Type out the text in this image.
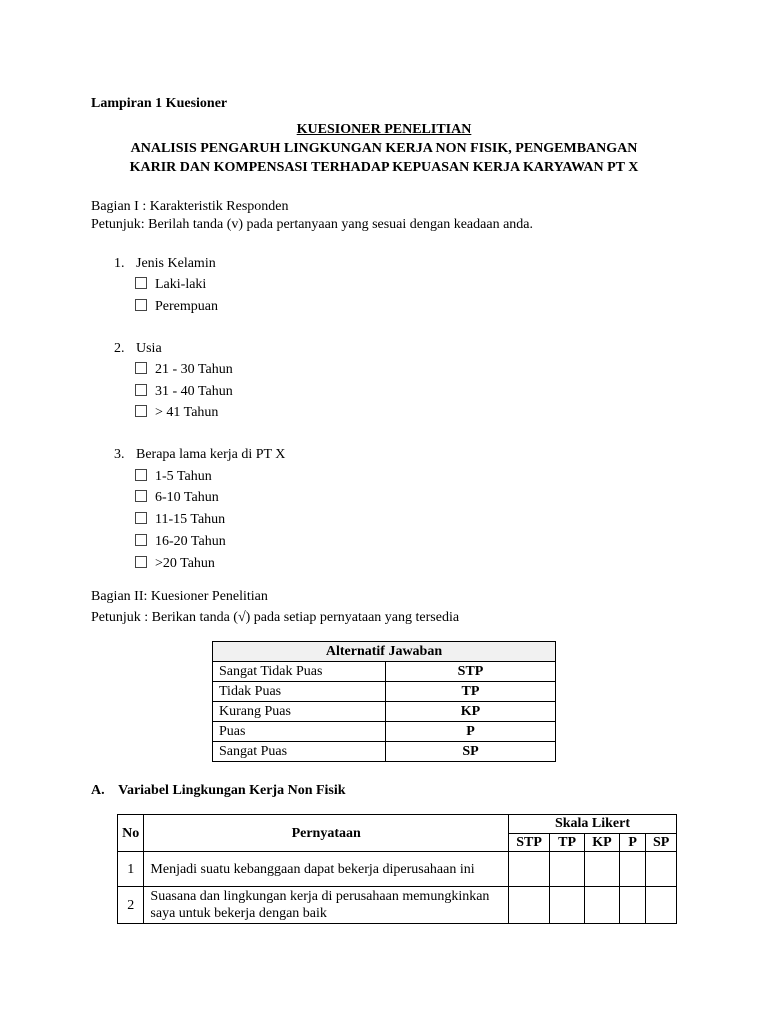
Lampiran 1 Kuesioner
KUESIONER PENELITIAN
ANALISIS PENGARUH LINGKUNGAN KERJA NON FISIK, PENGEMBANGAN
KARIR DAN KOMPENSASI TERHADAP KEPUASAN KERJA KARYAWAN PT X
Bagian I : Karakteristik Responden
Petunjuk: Berilah tanda (v) pada pertanyaan yang sesuai dengan keadaan anda.
1. Jenis Kelamin
Laki-laki
Perempuan
2. Usia
21 - 30 Tahun
31 - 40 Tahun
> 41 Tahun
3. Berapa lama kerja di PT X
1-5 Tahun
6-10 Tahun
11-15 Tahun
16-20 Tahun
>20 Tahun
Bagian II: Kuesioner Penelitian
Petunjuk : Berikan tanda (√) pada setiap pernyataan yang tersedia
Alternatif Jawaban	
Sangat Tidak Puas	STP
Tidak Puas	TP
Kurang Puas	KP
Puas	P
Sangat Puas	SP
A. Variabel Lingkungan Kerja Non Fisik
No	Pernyataan	Skala Likert				
		STP	TP	KP	P	SP
1	Menjadi suatu kebanggaan dapat bekerja diperusahaan ini					
2	Suasana dan lingkungan kerja di perusahaan memungkinkan saya untuk bekerja dengan baik					
